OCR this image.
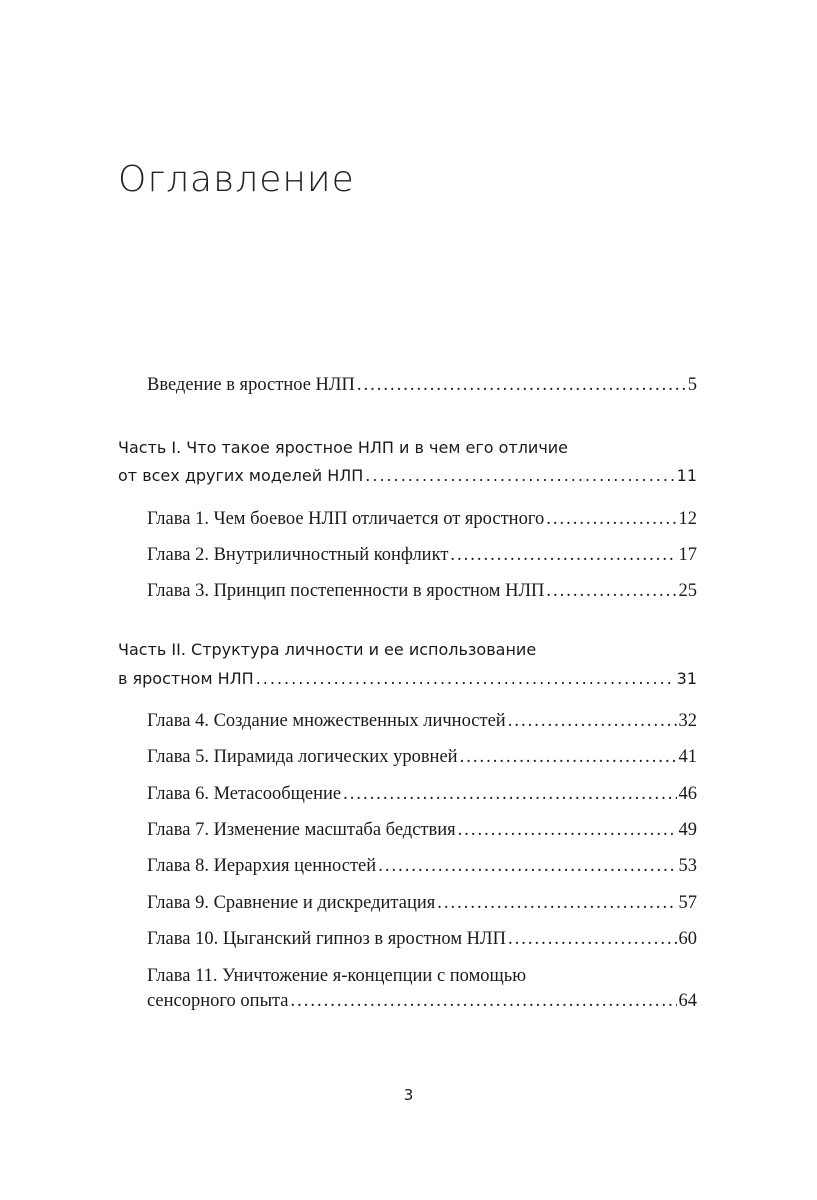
Оглавление
Введение в яростное НЛП .....	5

Часть I. Что такое яростное НЛП и в чем его отличие

от всех других моделей НЛП .....	11
Глава 1. Чем боевое НЛП отличается от яростного .....	12
Глава 2. Внутриличностный конфликт .....	17
Глава 3. Принцип постепенности в яростном НЛП .....	25

Часть II. Структура личности и ее использование

в яростном НЛП .....	31
Глава 4. Создание множественных личностей .....	32
Глава 5. Пирамида логических уровней .....	41
Глава 6. Метасообщение .....	46
Глава 7. Изменение масштаба бедствия .....	49
Глава 8. Иерархия ценностей .....	53
Глава 9. Сравнение и дискредитация .....	57
Глава 10. Цыганский гипноз в яростном НЛП .....	60

Глава 11. Уничтожение я-концепции с помощью

сенсорного опыта .....	64
3
